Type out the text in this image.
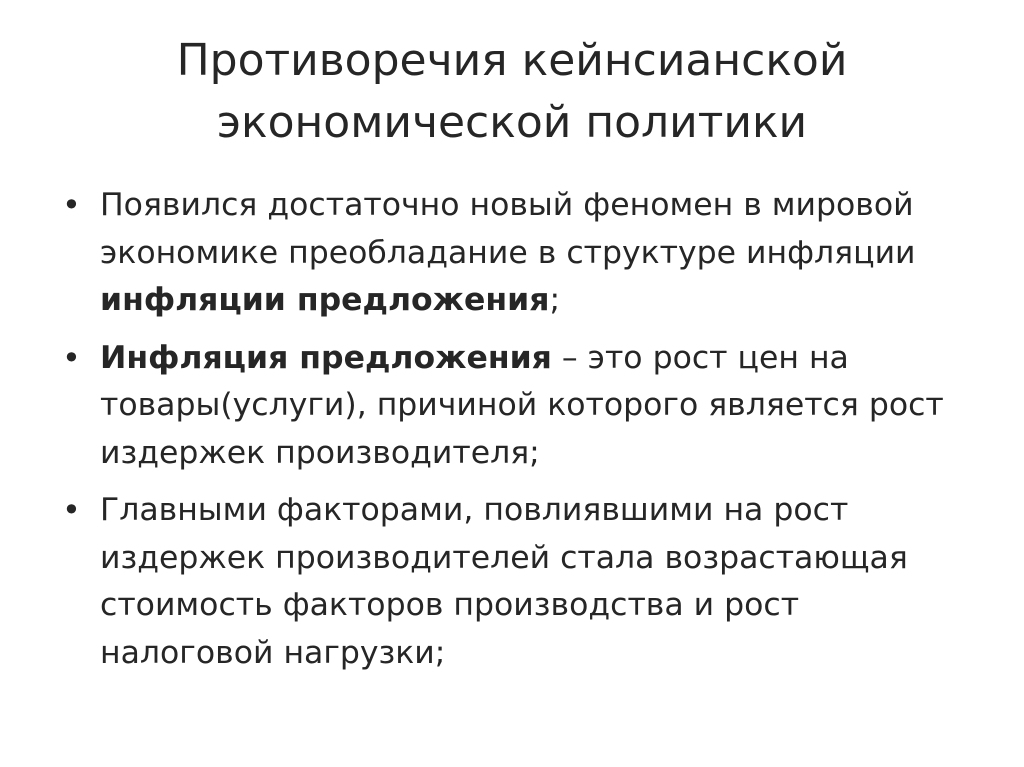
Противоречия кейнсианской
экономической политики
• Появился достаточно новый феномен в мировой экономике преобладание в структуре инфляции инфляции предложения;
• Инфляция предложения – это рост цен на товары(услуги), причиной которого является рост издержек производителя;
• Главными факторами, повлиявшими на рост издержек производителей стала возрастающая стоимость факторов производства и рост налоговой нагрузки;
